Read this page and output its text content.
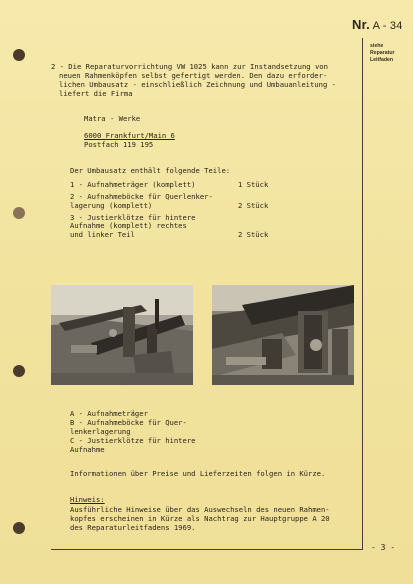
Nr. A - 34
siehe
Reparatur
Leitfaden
2 - Die Reparaturvorrichtung VW 1025 kann zur Instandsetzung von
neuen Rahmenköpfen selbst gefertigt werden. Den dazu erforder-
lichen Umbausatz - einschließlich Zeichnung und Umbauanleitung -
liefert die Firma
Matra - Werke
6000 Frankfurt/Main 6
Postfach 119 195
Der Umbausatz enthält folgende Teile:
1 - Aufnahmeträger (komplett)	1 Stück
2 - Aufnahmeböcke für Querlenker-
lagerung (komplett)	2 Stück
3 - Justierklötze für hintere
Aufnahme (komplett) rechtes
und linker Teil	2 Stück
A - Aufnahmeträger
B - Aufnahmeböcke für Quer-
lenkerlagerung
C - Justierklötze für hintere
Aufnahme
Informationen über Preise und Lieferzeiten folgen in Kürze.
Hinweis:
Ausführliche Hinweise über das Auswechseln des neuen Rahmen-
kopfes erscheinen in Kürze als Nachtrag zur Hauptgruppe A 20
des Reparaturleitfadens 1969.
- 3 -
